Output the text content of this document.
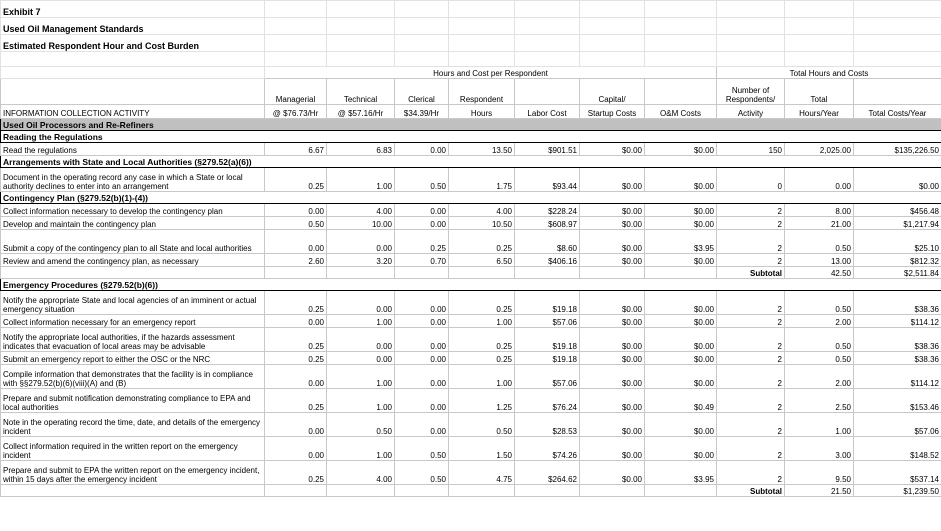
Exhibit 7										
Used Oil Management Standards										
Estimated Respondent Hour and Cost Burden										

	Hours and Cost per Respondent							Total Hours and Costs		
	Managerial	Technical	Clerical	Respondent		Capital/		Number of Respondents/	Total	
INFORMATION COLLECTION ACTIVITY	@ $76.73/Hr	@ $57.16/Hr	$34.39/Hr	Hours	Labor Cost	Startup Costs	O&M Costs	Activity	Hours/Year	Total Costs/Year
Used Oil Processors and Re-Refiners										
Reading the Regulations										
Read the regulations	6.67	6.83	0.00	13.50	$901.51	$0.00	$0.00	150	2,025.00	$135,226.50
Arrangements with State and Local Authorities (§279.52(a)(6))										
Document in the operating record any case in which a State or local authority declines to enter into an arrangement	0.25	1.00	0.50	1.75	$93.44	$0.00	$0.00	0	0.00	$0.00
Contingency Plan (§279.52(b)(1)-(4))										
Collect information necessary to develop the contingency plan	0.00	4.00	0.00	4.00	$228.24	$0.00	$0.00	2	8.00	$456.48
Develop and maintain the contingency plan	0.50	10.00	0.00	10.50	$608.97	$0.00	$0.00	2	21.00	$1,217.94
Submit a copy of the contingency plan to all State and local authorities	0.00	0.00	0.25	0.25	$8.60	$0.00	$3.95	2	0.50	$25.10
Review and amend the contingency plan, as necessary	2.60	3.20	0.70	6.50	$406.16	$0.00	$0.00	2	13.00	$812.32
								Subtotal	42.50	$2,511.84
Emergency Procedures (§279.52(b)(6))										
Notify the appropriate State and local agencies of an imminent or actual emergency situation	0.25	0.00	0.00	0.25	$19.18	$0.00	$0.00	2	0.50	$38.36
Collect information necessary for an emergency report	0.00	1.00	0.00	1.00	$57.06	$0.00	$0.00	2	2.00	$114.12
Notify the appropriate local authorities, if the hazards assessment indicates that evacuation of local areas may be advisable	0.25	0.00	0.00	0.25	$19.18	$0.00	$0.00	2	0.50	$38.36
Submit an emergency report to either the OSC or the NRC	0.25	0.00	0.00	0.25	$19.18	$0.00	$0.00	2	0.50	$38.36
Compile information that demonstrates that the facility is in compliance with §§279.52(b)(6)(viii)(A) and (B)	0.00	1.00	0.00	1.00	$57.06	$0.00	$0.00	2	2.00	$114.12
Prepare and submit notification demonstrating compliance to EPA and local authorities	0.25	1.00	0.00	1.25	$76.24	$0.00	$0.49	2	2.50	$153.46
Note in the operating record the time, date, and details of the emergency incident	0.00	0.50	0.00	0.50	$28.53	$0.00	$0.00	2	1.00	$57.06
Collect information required in the written report on the emergency incident	0.00	1.00	0.50	1.50	$74.26	$0.00	$0.00	2	3.00	$148.52
Prepare and submit to EPA the written report on the emergency incident, within 15 days after the emergency incident	0.25	4.00	0.50	4.75	$264.62	$0.00	$3.95	2	9.50	$537.14
								Subtotal	21.50	$1,239.50
